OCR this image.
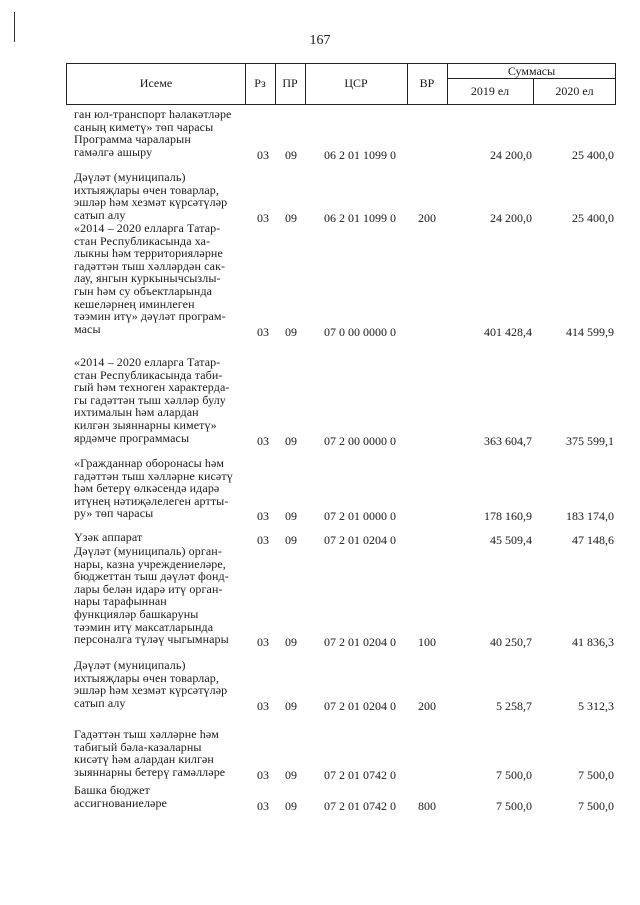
167
Исеме	Рз	ПР	ЦСР	ВР
Суммасы
2019 ел	2020 ел
ган юл-транспорт һәлакәтләре
саның киметү» төп чарасы
Программа чараларын
гамәлгә ашыру	03	09	06 2 01 1099 0	24 200,0	25 400,0
Дәүләт (муниципаль)
ихтыяҗлары өчен товарлар,
эшләр һәм хезмәт күрсәтүләр
сатып алу	03	09	06 2 01 1099 0	200	24 200,0	25 400,0
«2014 – 2020 елларга Татар-
стан Республикасында ха-
лыкны һәм территорияләрне
гадәттән тыш хәлләрдән сак-
лау, янгын куркынычсызлы-
гын һәм су объектларында
кешеләрнең иминлеген
тәэмин итү» дәүләт програм-
масы	03	09	07 0 00 0000 0	401 428,4	414 599,9
«2014 – 2020 елларга Татар-
стан Республикасында таби-
гый һәм техноген характерда-
гы гадәттән тыш хәлләр булу
ихтималын һәм алардан
килгән зыяннарны киметү»
ярдәмче программасы	03	09	07 2 00 0000 0	363 604,7	375 599,1
«Гражданнар оборонасы һәм
гадәттән тыш хәлләрне кисәтү
һәм бетерү өлкәсендә идарә
итүнең нәтиҗәлелеген артты-
ру» төп чарасы	03	09	07 2 01 0000 0	178 160,9	183 174,0
Үзәк аппарат	03	09	07 2 01 0204 0	45 509,4	47 148,6
Дәүләт (муниципаль) орган-
нары, казна учреждениеләре,
бюджеттан тыш дәүләт фонд-
лары белән идарә итү орган-
нары тарафыннан
функцияләр башкаруны
тәэмин итү максатларында
персоналга түләү чыгымнары	03	09	07 2 01 0204 0	100	40 250,7	41 836,3
Дәүләт (муниципаль)
ихтыяҗлары өчен товарлар,
эшләр һәм хезмәт күрсәтүләр
сатып алу	03	09	07 2 01 0204 0	200	5 258,7	5 312,3
Гадәттән тыш хәлләрне һәм
табигый бәла-казаларны
кисәтү һәм алардан килгән
зыяннарны бетерү гамәлләре	03	09	07 2 01 0742 0	7 500,0	7 500,0
Башка бюджет
ассигнованиеләре	03	09	07 2 01 0742 0	800	7 500,0	7 500,0
